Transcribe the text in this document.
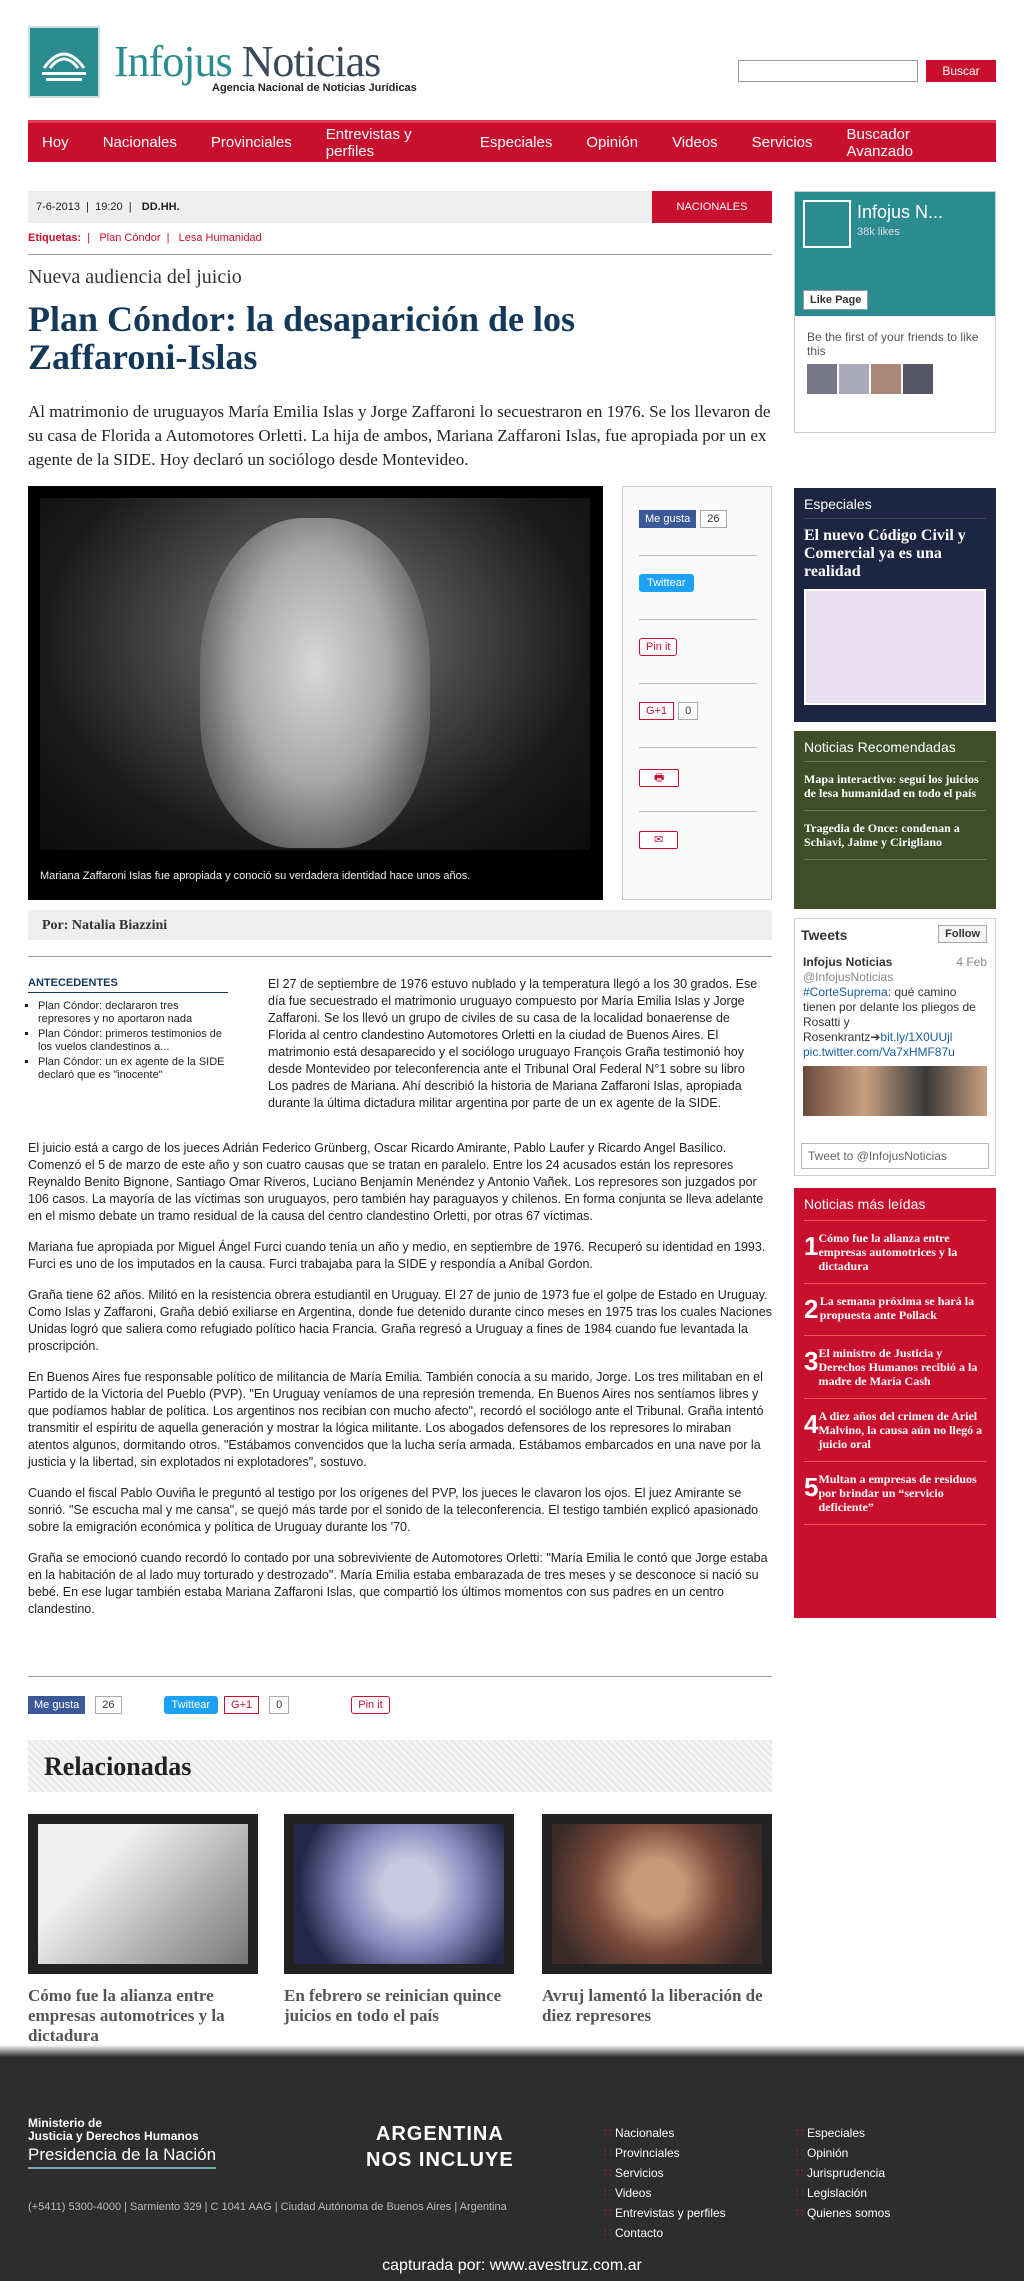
Infojus Noticias
Agencia Nacional de Noticias Jurídicas
Buscar
Hoy Nacionales Provinciales Entrevistas y perfiles	Especiales Opinión Videos Servicios Buscador Avanzado
7-6-2013 | 19:20 | DD.HH.	NACIONALES
Etiquetas:  |   Plan Cóndor  |   Lesa Humanidad
Nueva audiencia del juicio
Plan Cóndor: la desaparición de los Zaffaroni-Islas
Al matrimonio de uruguayos María Emilia Islas y Jorge Zaffaroni lo secuestraron en 1976. Se los llevaron de su casa de Florida a Automotores Orletti. La hija de ambos, Mariana Zaffaroni Islas, fue apropiada por un ex agente de la SIDE. Hoy declaró un sociólogo desde Montevideo.
Mariana Zaffaroni Islas fue apropiada y conoció su verdadera identidad hace unos años.
Me gusta 26
Twittear
Pin it
G+1 0
🖶
✉
Por: Natalia Biazzini
ANTECEDENTES
▪ Plan Cóndor: declararon tres represores y no aportaron nada
▪ Plan Cóndor: primeros testimonios de los vuelos clandestinos a...
▪ Plan Cóndor: un ex agente de la SIDE declaró que es "inocente"
El 27 de septiembre de 1976 estuvo nublado y la temperatura llegó a los 30 grados. Ese día fue secuestrado el matrimonio uruguayo compuesto por María Emilia Islas y Jorge Zaffaroni. Se los llevó un grupo de civiles de su casa de la localidad bonaerense de Florida al centro clandestino Automotores Orletti en la ciudad de Buenos Aires. El matrimonio está desaparecido y el sociólogo uruguayo François Graña testimonió hoy desde Montevideo por teleconferencia ante el Tribunal Oral Federal N°1 sobre su libro Los padres de Mariana. Ahí describió la historia de Mariana Zaffaroni Islas, apropiada durante la última dictadura militar argentina por parte de un ex agente de la SIDE.

El juicio está a cargo de los jueces Adrián Federico Grünberg, Oscar Ricardo Amirante, Pablo Laufer y Ricardo Angel Basílico. Comenzó el 5 de marzo de este año y son cuatro causas que se tratan en paralelo. Entre los 24 acusados están los represores Reynaldo Benito Bignone, Santiago Omar Riveros, Luciano Benjamín Menéndez y Antonio Vañek. Los represores son juzgados por 106 casos. La mayoría de las víctimas son uruguayos, pero también hay paraguayos y chilenos. En forma conjunta se lleva adelante en el mismo debate un tramo residual de la causa del centro clandestino Orletti, por otras 67 víctimas.

Mariana fue apropiada por Miguel Ángel Furci cuando tenía un año y medio, en septiembre de 1976. Recuperó su identidad en 1993. Furci es uno de los imputados en la causa. Furci trabajaba para la SIDE y respondía a Aníbal Gordon.

Graña tiene 62 años. Militó en la resistencia obrera estudiantil en Uruguay. El 27 de junio de 1973 fue el golpe de Estado en Uruguay. Como Islas y Zaffaroni, Graña debió exiliarse en Argentina, donde fue detenido durante cinco meses en 1975 tras los cuales Naciones Unidas logró que saliera como refugiado político hacia Francia. Graña regresó a Uruguay a fines de 1984 cuando fue levantada la proscripción.

En Buenos Aires fue responsable político de militancia de María Emilia. También conocía a su marido, Jorge. Los tres militaban en el Partido de la Victoria del Pueblo (PVP). "En Uruguay veníamos de una represión tremenda. En Buenos Aires nos sentíamos libres y que podíamos hablar de política. Los argentinos nos recibían con mucho afecto", recordó el sociólogo ante el Tribunal. Graña intentó transmitir el espíritu de aquella generación y mostrar la lógica militante. Los abogados defensores de los represores lo miraban atentos algunos, dormitando otros. "Estábamos convencidos que la lucha sería armada. Estábamos embarcados en una nave por la justicia y la libertad, sin explotados ni explotadores", sostuvo.

Cuando el fiscal Pablo Ouviña le preguntó al testigo por los orígenes del PVP, los jueces le clavaron los ojos. El juez Amirante se sonrió. "Se escucha mal y me cansa", se quejó más tarde por el sonido de la teleconferencia. El testigo también explicó apasionado sobre la emigración económica y política de Uruguay durante los '70.

Graña se emocionó cuando recordó lo contado por una sobreviviente de Automotores Orletti: "María Emilia le contó que Jorge estaba en la habitación de al lado muy torturado y destrozado". María Emilia estaba embarazada de tres meses y se desconoce si nació su bebé. En ese lugar también estaba Mariana Zaffaroni Islas, que compartió los últimos momentos con sus padres en un centro clandestino.

Me gusta	26	Twittear	G+1	0	Pin it
Relacionadas
Cómo fue la alianza entre empresas automotrices y la dictadura
En febrero se reinician quince juicios en todo el país
Avruj lamentó la liberación de diez represores
Infojus N...
38k likes
Like Page
Be the first of your friends to like this
Especiales
El nuevo Código Civil y Comercial ya es una realidad
Noticias Recomendadas
Mapa interactivo: seguí los juicios de lesa humanidad en todo el país
Tragedia de Once: condenan a Schiavi, Jaime y Cirigliano
Tweets	Follow
4 Feb
Infojus Noticias
@InfojusNoticias
#CorteSuprema: qué camino tienen por delante los pliegos de Rosatti y Rosenkrantz➔bit.ly/1X0UUjl
pic.twitter.com/Va7xHMF87u
Tweet to @InfojusNoticias
Noticias más leídas
1 Cómo fue la alianza entre empresas automotrices y la dictadura
2 La semana próxima se hará la propuesta ante Pollack
3 El ministro de Justicia y Derechos Humanos recibió a la madre de María Cash
4 A diez años del crimen de Ariel Malvino, la causa aún no llegó a juicio oral
5 Multan a empresas de residuos por brindar un “servicio deficiente”
Ministerio de
Justicia y Derechos Humanos
Presidencia de la Nación
ARGENTINA
NOS INCLUYE
∷ Nacionales
∷ Provinciales
∷ Servicios
∷ Videos
∷ Entrevistas y perfiles
∷ Contacto
∷ Especiales
∷ Opinión
∷ Jurisprudencia
∷ Legislación
∷ Quienes somos
(+5411) 5300-4000 | Sarmiento 329 | C 1041 AAG | Ciudad Autónoma de Buenos Aires | Argentina
capturada por: www.avestruz.com.ar
